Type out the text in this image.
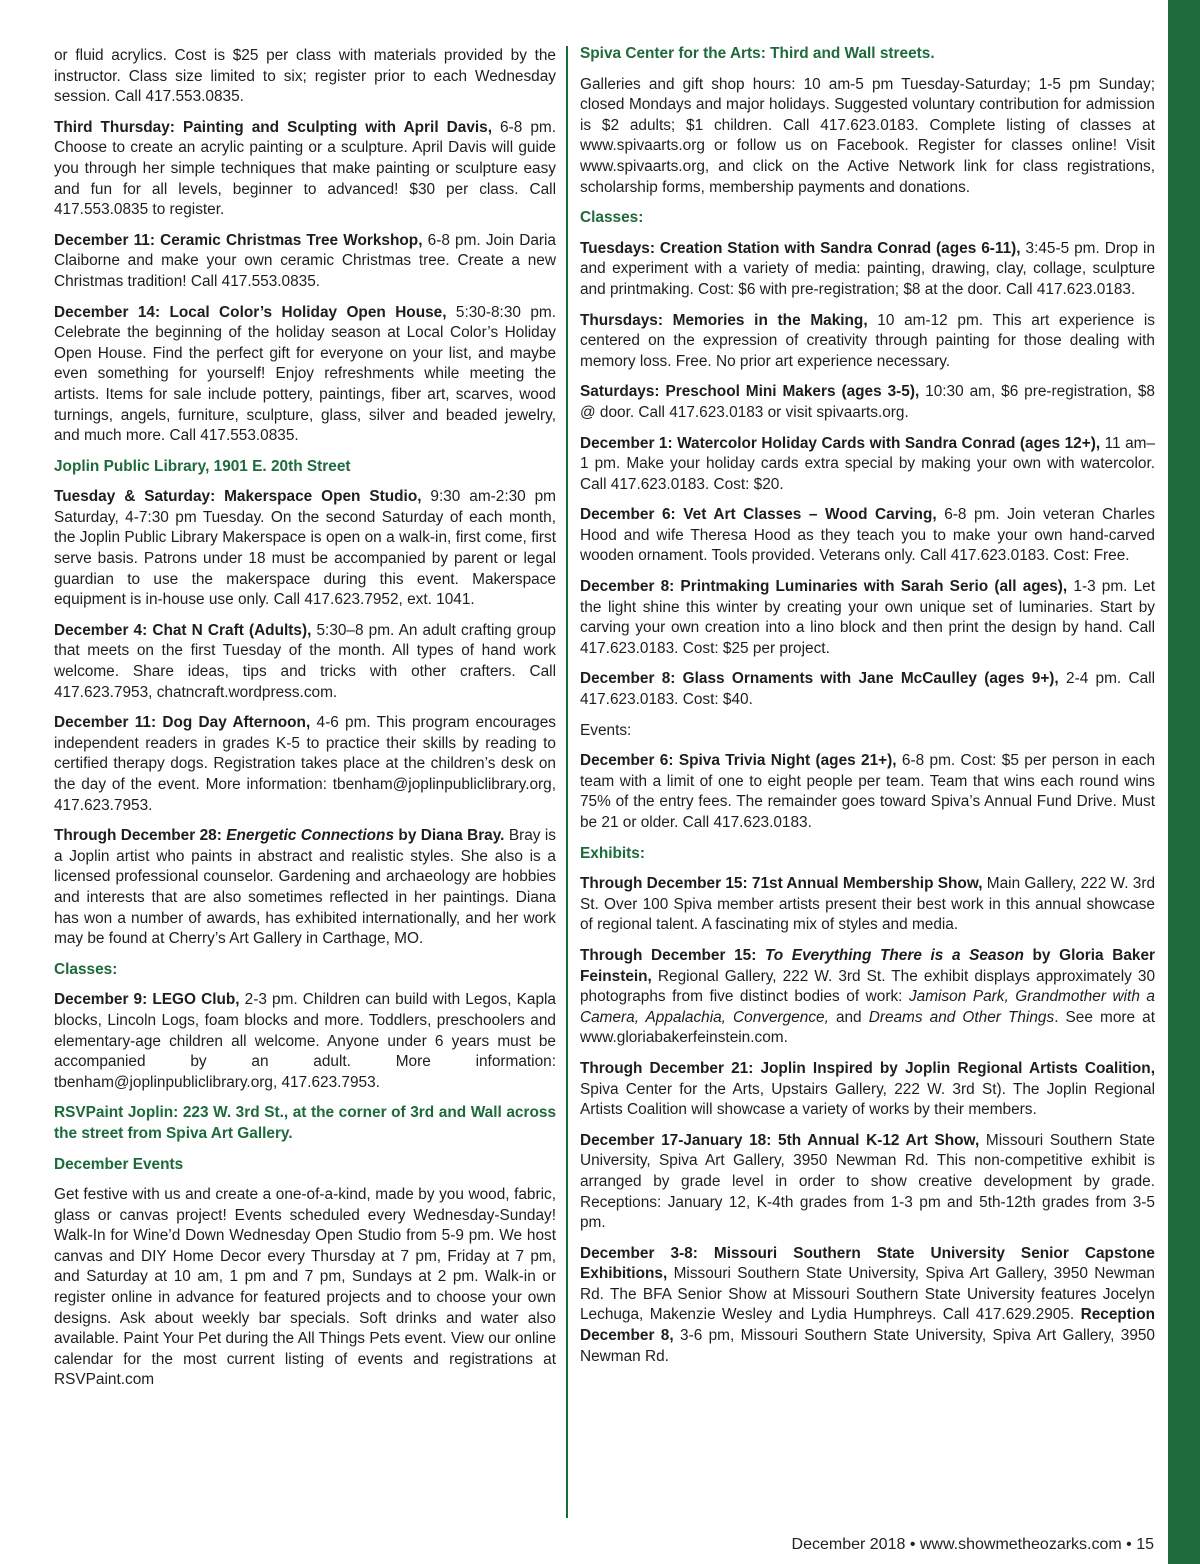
or fluid acrylics. Cost is $25 per class with materials provided by the instructor. Class size limited to six; register prior to each Wednesday session. Call 417.553.0835.

Third Thursday: Painting and Sculpting with April Davis, 6-8 pm. Choose to create an acrylic painting or a sculpture. April Davis will guide you through her simple techniques that make painting or sculpture easy and fun for all levels, beginner to advanced! $30 per class. Call 417.553.0835 to register.

December 11: Ceramic Christmas Tree Workshop, 6-8 pm. Join Daria Claiborne and make your own ceramic Christmas tree. Create a new Christmas tradition! Call 417.553.0835.

December 14: Local Color’s Holiday Open House, 5:30-8:30 pm. Celebrate the beginning of the holiday season at Local Color’s Holiday Open House. Find the perfect gift for everyone on your list, and maybe even something for yourself! Enjoy refreshments while meeting the artists. Items for sale include pottery, paintings, fiber art, scarves, wood turnings, angels, furniture, sculpture, glass, silver and beaded jewelry, and much more. Call 417.553.0835.

Joplin Public Library, 1901 E. 20th Street

Tuesday & Saturday: Makerspace Open Studio, 9:30 am-2:30 pm Saturday, 4-7:30 pm Tuesday. On the second Saturday of each month, the Joplin Public Library Makerspace is open on a walk-in, first come, first serve basis. Patrons under 18 must be accompanied by parent or legal guardian to use the makerspace during this event. Makerspace equipment is in-house use only. Call 417.623.7952, ext. 1041.

December 4: Chat N Craft (Adults), 5:30–8 pm. An adult crafting group that meets on the first Tuesday of the month. All types of hand work welcome. Share ideas, tips and tricks with other crafters. Call 417.623.7953, chatncraft.wordpress.com.

December 11: Dog Day Afternoon, 4-6 pm. This program encourages independent readers in grades K-5 to practice their skills by reading to certified therapy dogs. Registration takes place at the children’s desk on the day of the event. More information: tbenham@joplinpubliclibrary.org, 417.623.7953.

Through December 28: Energetic Connections by Diana Bray. Bray is a Joplin artist who paints in abstract and realistic styles. She also is a licensed professional counselor. Gardening and archaeology are hobbies and interests that are also sometimes reflected in her paintings. Diana has won a number of awards, has exhibited internationally, and her work may be found at Cherry’s Art Gallery in Carthage, MO.

Classes:

December 9: LEGO Club, 2-3 pm. Children can build with Legos, Kapla blocks, Lincoln Logs, foam blocks and more. Toddlers, preschoolers and elementary-age children all welcome. Anyone under 6 years must be accompanied by an adult. More information: tbenham@joplinpubliclibrary.org, 417.623.7953.

RSVPaint Joplin: 223 W. 3rd St., at the corner of 3rd and Wall across the street from Spiva Art Gallery.

December Events

Get festive with us and create a one-of-a-kind, made by you wood, fabric, glass or canvas project! Events scheduled every Wednesday-Sunday! Walk-In for Wine’d Down Wednesday Open Studio from 5-9 pm. We host canvas and DIY Home Decor every Thursday at 7 pm, Friday at 7 pm, and Saturday at 10 am, 1 pm and 7 pm, Sundays at 2 pm. Walk-in or register online in advance for featured projects and to choose your own designs. Ask about weekly bar specials. Soft drinks and water also available. Paint Your Pet during the All Things Pets event. View our online calendar for the most current listing of events and registrations at RSVPaint.com

Spiva Center for the Arts: Third and Wall streets.

Galleries and gift shop hours: 10 am-5 pm Tuesday-Saturday; 1-5 pm Sunday; closed Mondays and major holidays. Suggested voluntary contribution for admission is $2 adults; $1 children. Call 417.623.0183. Complete listing of classes at www.spivaarts.org or follow us on Facebook. Register for classes online! Visit www.spivaarts.org, and click on the Active Network link for class registrations, scholarship forms, membership payments and donations.

Classes:

Tuesdays: Creation Station with Sandra Conrad (ages 6-11), 3:45-5 pm. Drop in and experiment with a variety of media: painting, drawing, clay, collage, sculpture and printmaking. Cost: $6 with pre-registration; $8 at the door. Call 417.623.0183.

Thursdays: Memories in the Making, 10 am-12 pm. This art experience is centered on the expression of creativity through painting for those dealing with memory loss. Free. No prior art experience necessary.

Saturdays: Preschool Mini Makers (ages 3-5), 10:30 am, $6 pre-registration, $8 @ door. Call 417.623.0183 or visit spivaarts.org.

December 1: Watercolor Holiday Cards with Sandra Conrad (ages 12+), 11 am–1 pm. Make your holiday cards extra special by making your own with watercolor. Call 417.623.0183. Cost: $20.

December 6: Vet Art Classes – Wood Carving, 6-8 pm. Join veteran Charles Hood and wife Theresa Hood as they teach you to make your own hand-carved wooden ornament. Tools provided. Veterans only. Call 417.623.0183. Cost: Free.

December 8: Printmaking Luminaries with Sarah Serio (all ages), 1-3 pm. Let the light shine this winter by creating your own unique set of luminaries. Start by carving your own creation into a lino block and then print the design by hand. Call 417.623.0183. Cost: $25 per project.

December 8: Glass Ornaments with Jane McCaulley (ages 9+), 2-4 pm. Call 417.623.0183. Cost: $40.

Events:

December 6: Spiva Trivia Night (ages 21+), 6-8 pm. Cost: $5 per person in each team with a limit of one to eight people per team. Team that wins each round wins 75% of the entry fees. The remainder goes toward Spiva’s Annual Fund Drive. Must be 21 or older. Call 417.623.0183.

Exhibits:

Through December 15: 71st Annual Membership Show, Main Gallery, 222 W. 3rd St. Over 100 Spiva member artists present their best work in this annual showcase of regional talent. A fascinating mix of styles and media.

Through December 15: To Everything There is a Season by Gloria Baker Feinstein, Regional Gallery, 222 W. 3rd St. The exhibit displays approximately 30 photographs from five distinct bodies of work: Jamison Park, Grandmother with a Camera, Appalachia, Convergence, and Dreams and Other Things. See more at www.gloriabakerfeinstein.com.

Through December 21: Joplin Inspired by Joplin Regional Artists Coalition, Spiva Center for the Arts, Upstairs Gallery, 222 W. 3rd St). The Joplin Regional Artists Coalition will showcase a variety of works by their members.

December 17-January 18: 5th Annual K-12 Art Show, Missouri Southern State University, Spiva Art Gallery, 3950 Newman Rd. This non-competitive exhibit is arranged by grade level in order to show creative development by grade. Receptions: January 12, K-4th grades from 1-3 pm and 5th-12th grades from 3-5 pm.

December 3-8: Missouri Southern State University Senior Capstone Exhibitions, Missouri Southern State University, Spiva Art Gallery, 3950 Newman Rd. The BFA Senior Show at Missouri Southern State University features Jocelyn Lechuga, Makenzie Wesley and Lydia Humphreys. Call 417.629.2905. Reception December 8, 3-6 pm, Missouri Southern State University, Spiva Art Gallery, 3950 Newman Rd.

December 2018 • www.showmetheozarks.com • 15
